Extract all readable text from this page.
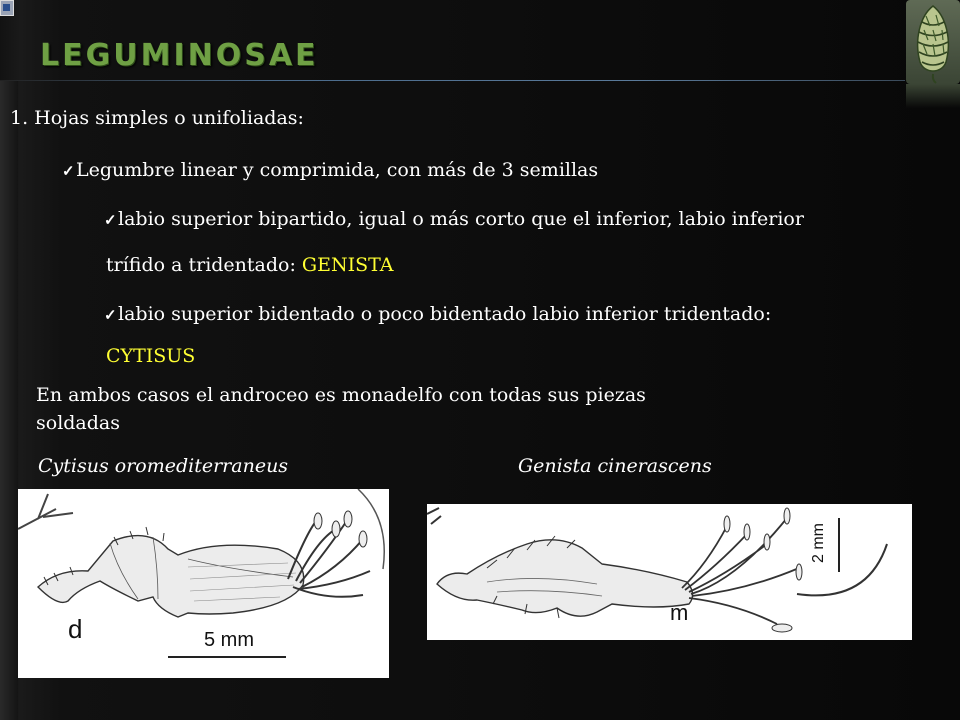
LEGUMINOSAE
1. Hojas simples o unifoliadas:
✓Legumbre linear y comprimida, con más de 3 semillas
✓labio superior bipartido, igual o más corto que el inferior, labio inferior
trífido a tridentado: GENISTA
✓labio superior bidentado o poco bidentado labio inferior tridentado:
CYTISUS
En ambos casos el androceo es monadelfo con todas sus piezas
soldadas
Cytisus oromediterraneus	Genista cinerascens
d	5 mm
m
2 mm
